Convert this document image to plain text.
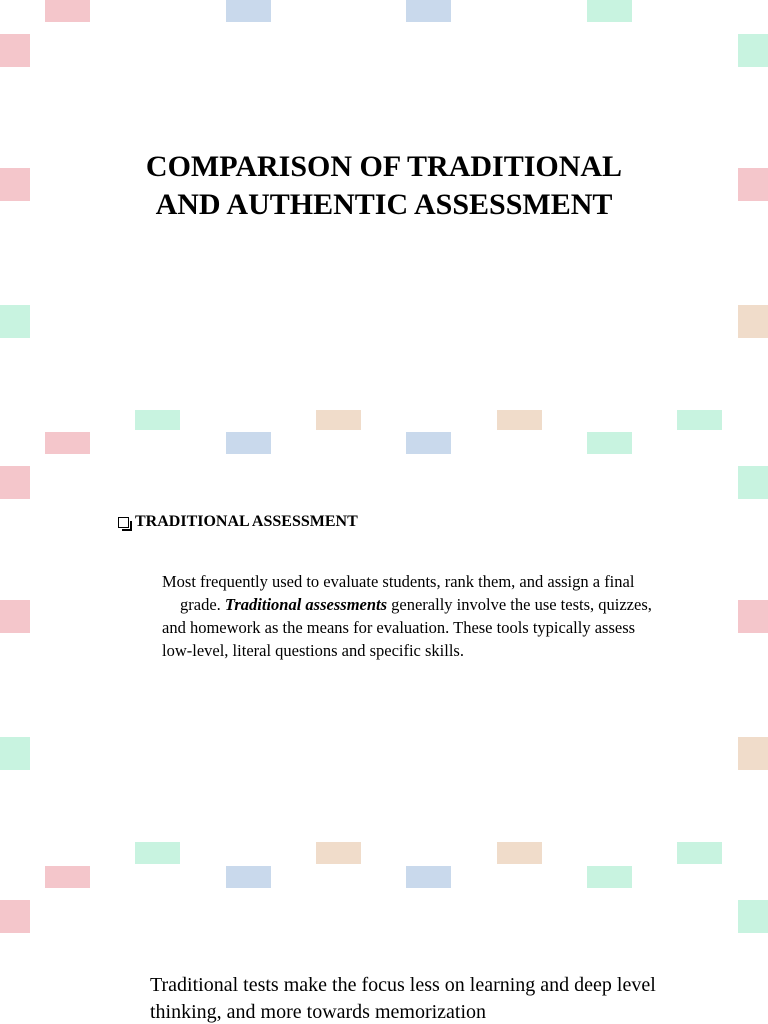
COMPARISON OF TRADITIONAL
AND AUTHENTIC ASSESSMENT
TRADITIONAL ASSESSMENT

Most frequently used to evaluate students, rank them, and assign a finalgrade. Traditional assessments generally involve the use tests, quizzes, and homework as the means for evaluation. These tools typically assess low-level, literal questions and specific skills.

Traditional tests make the focus less on learning and deep level thinking, and more towards memorization
